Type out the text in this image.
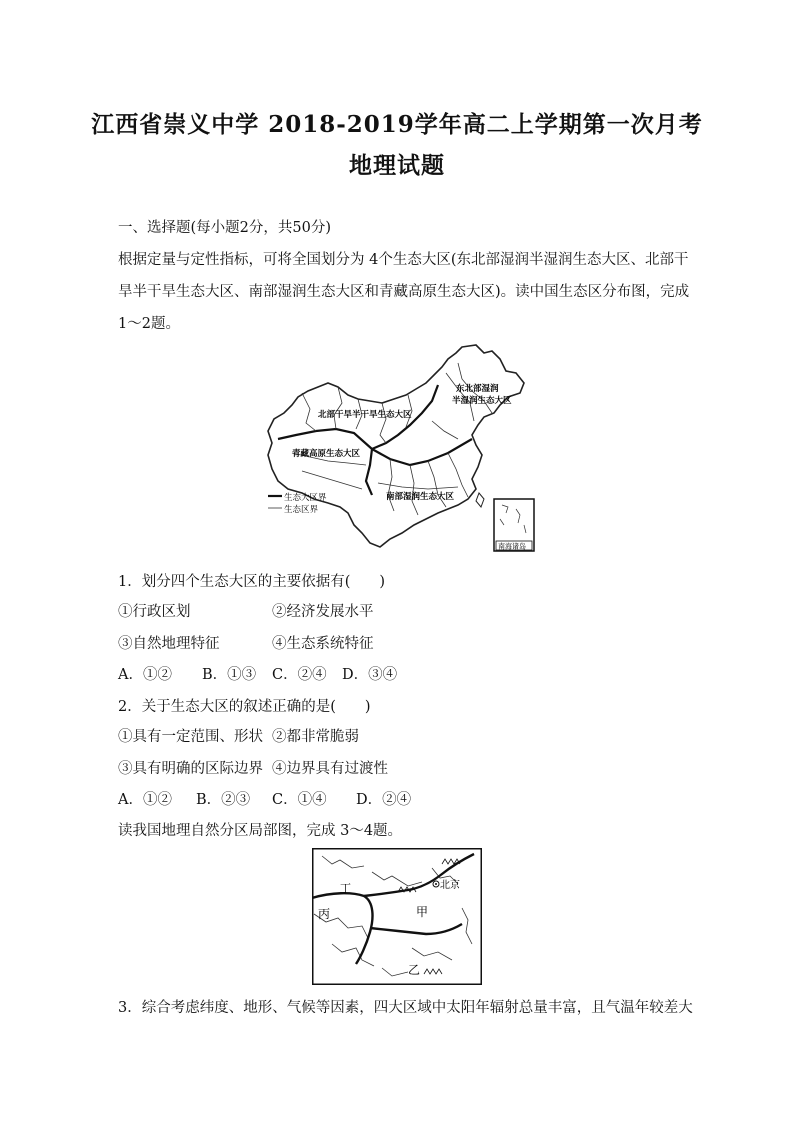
江西省崇义中学 2018-2019学年高二上学期第一次月考
地理试题
一、选择题(每小题2分，共50分)
根据定量与定性指标，可将全国划分为 4个生态大区(东北部湿润半湿润生态大区、北部干
旱半干旱生态大区、南部湿润生态大区和青藏高原生态大区)。读中国生态区分布图，完成
1～2题。
生态大区界
生态区界
东北部湿润
半湿润生态大区
北部干旱半干旱生态大区
青藏高原生态大区
南部湿润生态大区
南海诸岛
1．划分四个生态大区的主要依据有(　　)
①行政区划	②经济发展水平
③自然地理特征	④生态系统特征
A．①② B．①③ C．②④ D．③④
2．关于生态大区的叙述正确的是(　　)
①具有一定范围、形状 ②都非常脆弱
③具有明确的区际边界 ④边界具有过渡性
A．①② B．②③ C．①④ D．②④
读我国地理自然分区局部图，完成 3～4题。
丁	北京
丙	甲
乙
3．综合考虑纬度、地形、气候等因素，四大区域中太阳年辐射总量丰富，且气温年较差大
